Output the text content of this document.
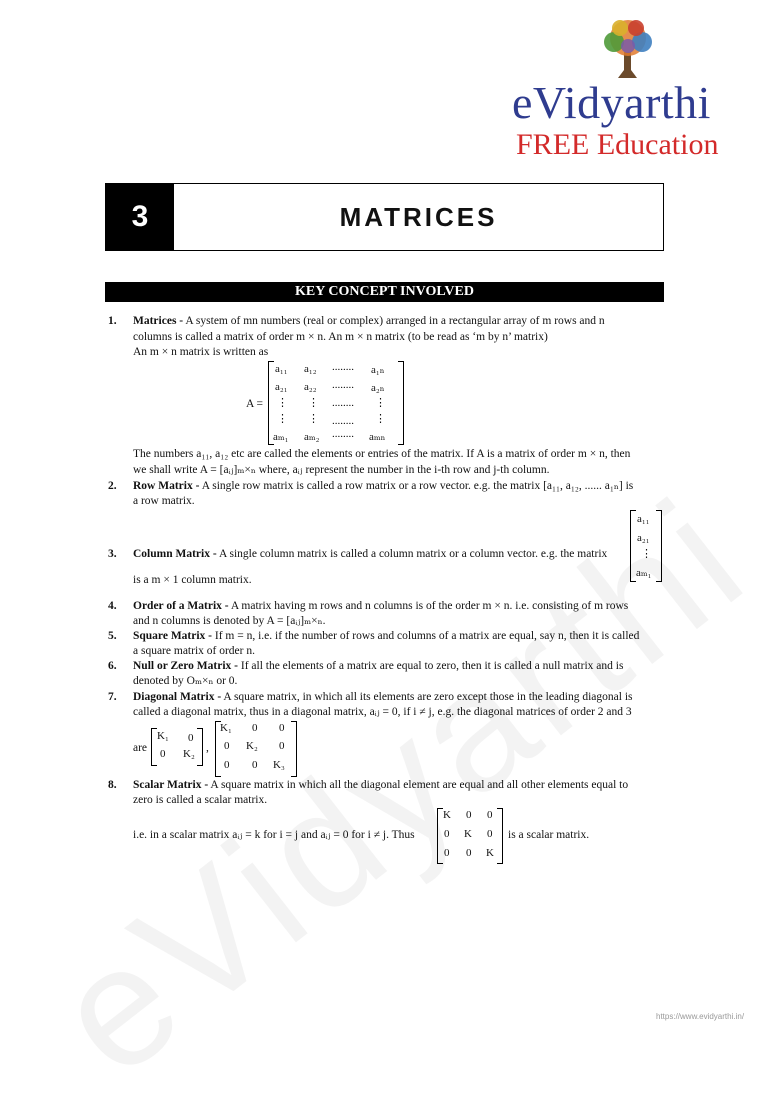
eVidyarthi
FREE Education
3	MATRICES
KEY CONCEPT INVOLVED
1. Matrices - A system of mn numbers (real or complex) arranged in a rectangular array of m rows and n
columns is called a matrix of order m × n. An m × n matrix (to be read as ‘m by n’ matrix)
An m × n matrix is written as
A =
a₁₁ a₁₂ ........ a₁ₙ
a₂₁ a₂₂ ........ a₂ₙ
⋮ ⋮ ........ ⋮
⋮ ⋮ ........ ⋮
aₘ₁ aₘ₂ ........ aₘₙ
The numbers a₁₁, a₁₂ etc are called the elements or entries of the matrix. If A is a matrix of order m × n, then
we shall write A = [aᵢⱼ]ₘ×ₙ where, aᵢⱼ represent the number in the i-th row and j-th column.
2. Row Matrix - A single row matrix is called a row matrix or a row vector. e.g. the matrix [a₁₁, a₁₂, ...... a₁ₙ] is
a row matrix.
3. Column Matrix - A single column matrix is called a column matrix or a column vector. e.g. the matrix
a₁₁
a₂₁
⋮
aₘ₁
is a m × 1 column matrix.
4. Order of a Matrix - A matrix having m rows and n columns is of the order m × n. i.e. consisting of m rows
and n columns is denoted by A = [aᵢⱼ]ₘ×ₙ.
5. Square Matrix - If m = n, i.e. if the number of rows and columns of a matrix are equal, say n, then it is called
a square matrix of order n.
6. Null or Zero Matrix - If all the elements of a matrix are equal to zero, then it is called a null matrix and is
denoted by Oₘ×ₙ or 0.
7. Diagonal Matrix - A square matrix, in which all its elements are zero except those in the leading diagonal is
called a diagonal matrix, thus in a diagonal matrix, aᵢⱼ = 0, if i ≠ j, e.g. the diagonal matrices of order 2 and 3
are
K₁ 0
0 K₂ ,
K₁ 0 0
0 K₂ 0
0 0 K₃
8. Scalar Matrix - A square matrix in which all the diagonal element are equal and all other elements equal to
zero is called a scalar matrix.
i.e. in a scalar matrix aᵢⱼ = k for i = j and aᵢⱼ = 0 for i ≠ j. Thus
K 0 0
0 K 0
0 0 K
is a scalar matrix.
https://www.evidyarthi.in/
